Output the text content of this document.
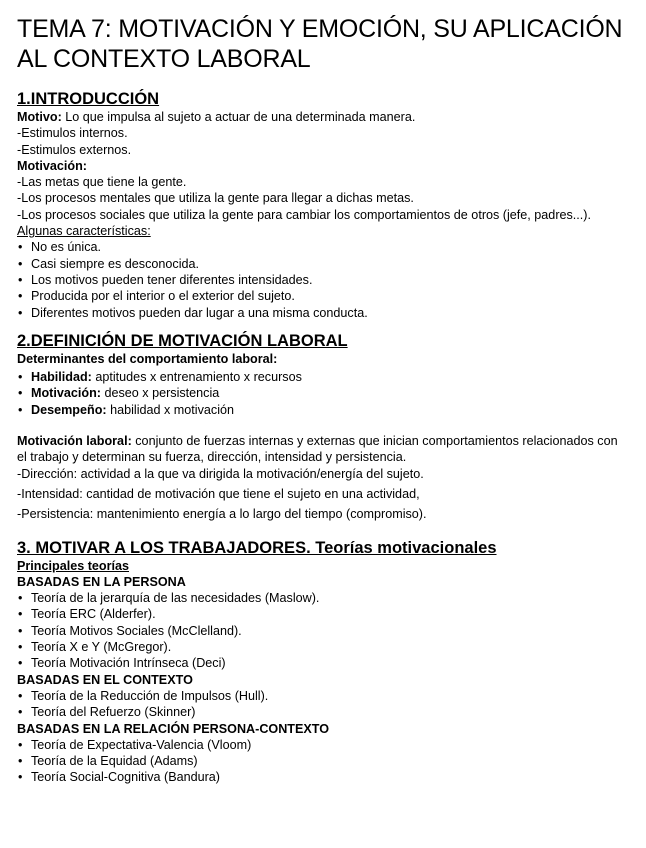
TEMA 7: MOTIVACIÓN Y EMOCIÓN, SU APLICACIÓN AL CONTEXTO LABORAL
1.INTRODUCCIÓN

Motivo: Lo que impulsa al sujeto a actuar de una determinada manera.

-Estimulos internos.

-Estimulos externos.

Motivación:

-Las metas que tiene la gente.

-Los procesos mentales que utiliza la gente para llegar a dichas metas.

-Los procesos sociales que utiliza la gente para cambiar los comportamientos de otros (jefe, padres...).

Algunas características:

• No es única.
• Casi siempre es desconocida.
• Los motivos pueden tener diferentes intensidades.
• Producida por el interior o el exterior del sujeto.
• Diferentes motivos pueden dar lugar a una misma conducta.
2.DEFINICIÓN DE MOTIVACIÓN LABORAL

Determinantes del comportamiento laboral:

• Habilidad: aptitudes x entrenamiento x recursos
• Motivación: deseo x persistencia
• Desempeño: habilidad x motivación

Motivación laboral: conjunto de fuerzas internas y externas que inician comportamientos relacionados con el trabajo y determinan su fuerza, dirección, intensidad y persistencia.

-Dirección: actividad a la que va dirigida la motivación/energía del sujeto.

-Intensidad: cantidad de motivación que tiene el sujeto en una actividad,

-Persistencia: mantenimiento energía a lo largo del tiempo (compromiso).

3. MOTIVAR A LOS TRABAJADORES. Teorías motivacionales

Principales teorías

BASADAS EN LA PERSONA

• Teoría de la jerarquía de las necesidades (Maslow).
• Teoría ERC (Alderfer).
• Teoría Motivos Sociales (McClelland).
• Teoría X e Y (McGregor).
• Teoría Motivación Intrínseca (Deci)

BASADAS EN EL CONTEXTO

• Teoría de la Reducción de Impulsos (Hull).
• Teoría del Refuerzo (Skinner)

BASADAS EN LA RELACIÓN PERSONA-CONTEXTO

• Teoría de Expectativa-Valencia (Vloom)
• Teoría de la Equidad (Adams)
• Teoría Social-Cognitiva (Bandura)
